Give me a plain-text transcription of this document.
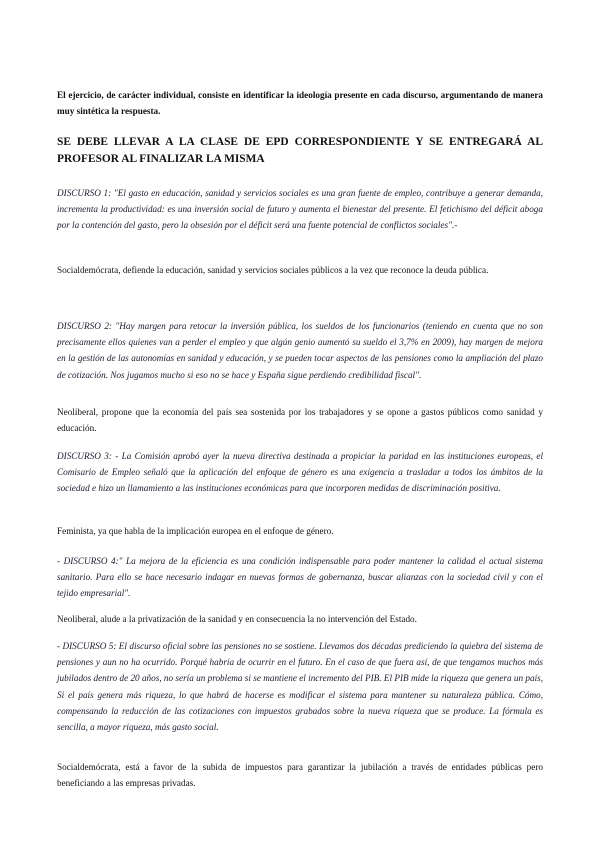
El ejercicio, de carácter individual, consiste en identificar la ideología presente en cada discurso, argumentando de manera muy sintética la respuesta.

SE DEBE LLEVAR A LA CLASE DE EPD CORRESPONDIENTE Y SE ENTREGARÁ AL PROFESOR AL FINALIZAR LA MISMA

DISCURSO 1: "El gasto en educación, sanidad y servicios sociales es una gran fuente de empleo, contribuye a generar demanda, incrementa la productividad: es una inversión social de futuro y aumenta el bienestar del presente. El fetichismo del déficit aboga por la contención del gasto, pero la obsesión por el déficit será una fuente potencial de conflictos sociales".-

Socialdemócrata, defiende la educación, sanidad y servicios sociales públicos a la vez que reconoce la deuda pública.

DISCURSO 2: "Hay margen para retocar la inversión pública, los sueldos de los funcionarios (teniendo en cuenta que no son precisamente ellos quienes van a perder el empleo y que algún genio aumentó su sueldo el 3,7% en 2009), hay margen de mejora en la gestión de las autonomías en sanidad y educación, y se pueden tocar aspectos de las pensiones como la ampliación del plazo de cotización. Nos jugamos mucho si eso no se hace y España sigue perdiendo credibilidad fiscal".

Neoliberal, propone que la economía del país sea sostenida por los trabajadores y se opone a gastos públicos como sanidad y educación.

DISCURSO 3: - La Comisión aprobó ayer la nueva directiva destinada a propiciar la paridad en las instituciones europeas, el Comisario de Empleo señaló que la aplicación del enfoque de género es una exigencia a trasladar a todos los ámbitos de la sociedad e hizo un llamamiento a las instituciones económicas para que incorporen medidas de discriminación positiva.

Feminista, ya que habla de la implicación europea en el enfoque de género.

- DISCURSO 4:" La mejora de la eficiencia es una condición indispensable para poder mantener la calidad el actual sistema sanitario. Para ello se hace necesario indagar en nuevas formas de gobernanza, buscar alianzas con la sociedad civil y con el tejido empresarial".

Neoliberal, alude a la privatización de la sanidad y en consecuencia la no intervención del Estado.

- DISCURSO 5: El discurso oficial sobre las pensiones no se sostiene. Llevamos dos décadas prediciendo la quiebra del sistema de pensiones y aun no ha ocurrido. Porqué habría de ocurrir en el futuro. En el caso de que fuera así, de que tengamos muchos más jubilados dentro de 20 años, no sería un problema si se mantiene el incremento del PIB. El PIB mide la riqueza que genera un país, Si el país genera más riqueza, lo que habrá de hacerse es modificar el sistema para mantener su naturaleza pública. Cómo, compensando la reducción de las cotizaciones con impuestos grabados sobre la nueva riqueza que se produce. La fórmula es sencilla, a mayor riqueza, más gasto social.

Socialdemócrata, está a favor de la subida de impuestos para garantizar la jubilación a través de entidades públicas pero beneficiando a las empresas privadas.
